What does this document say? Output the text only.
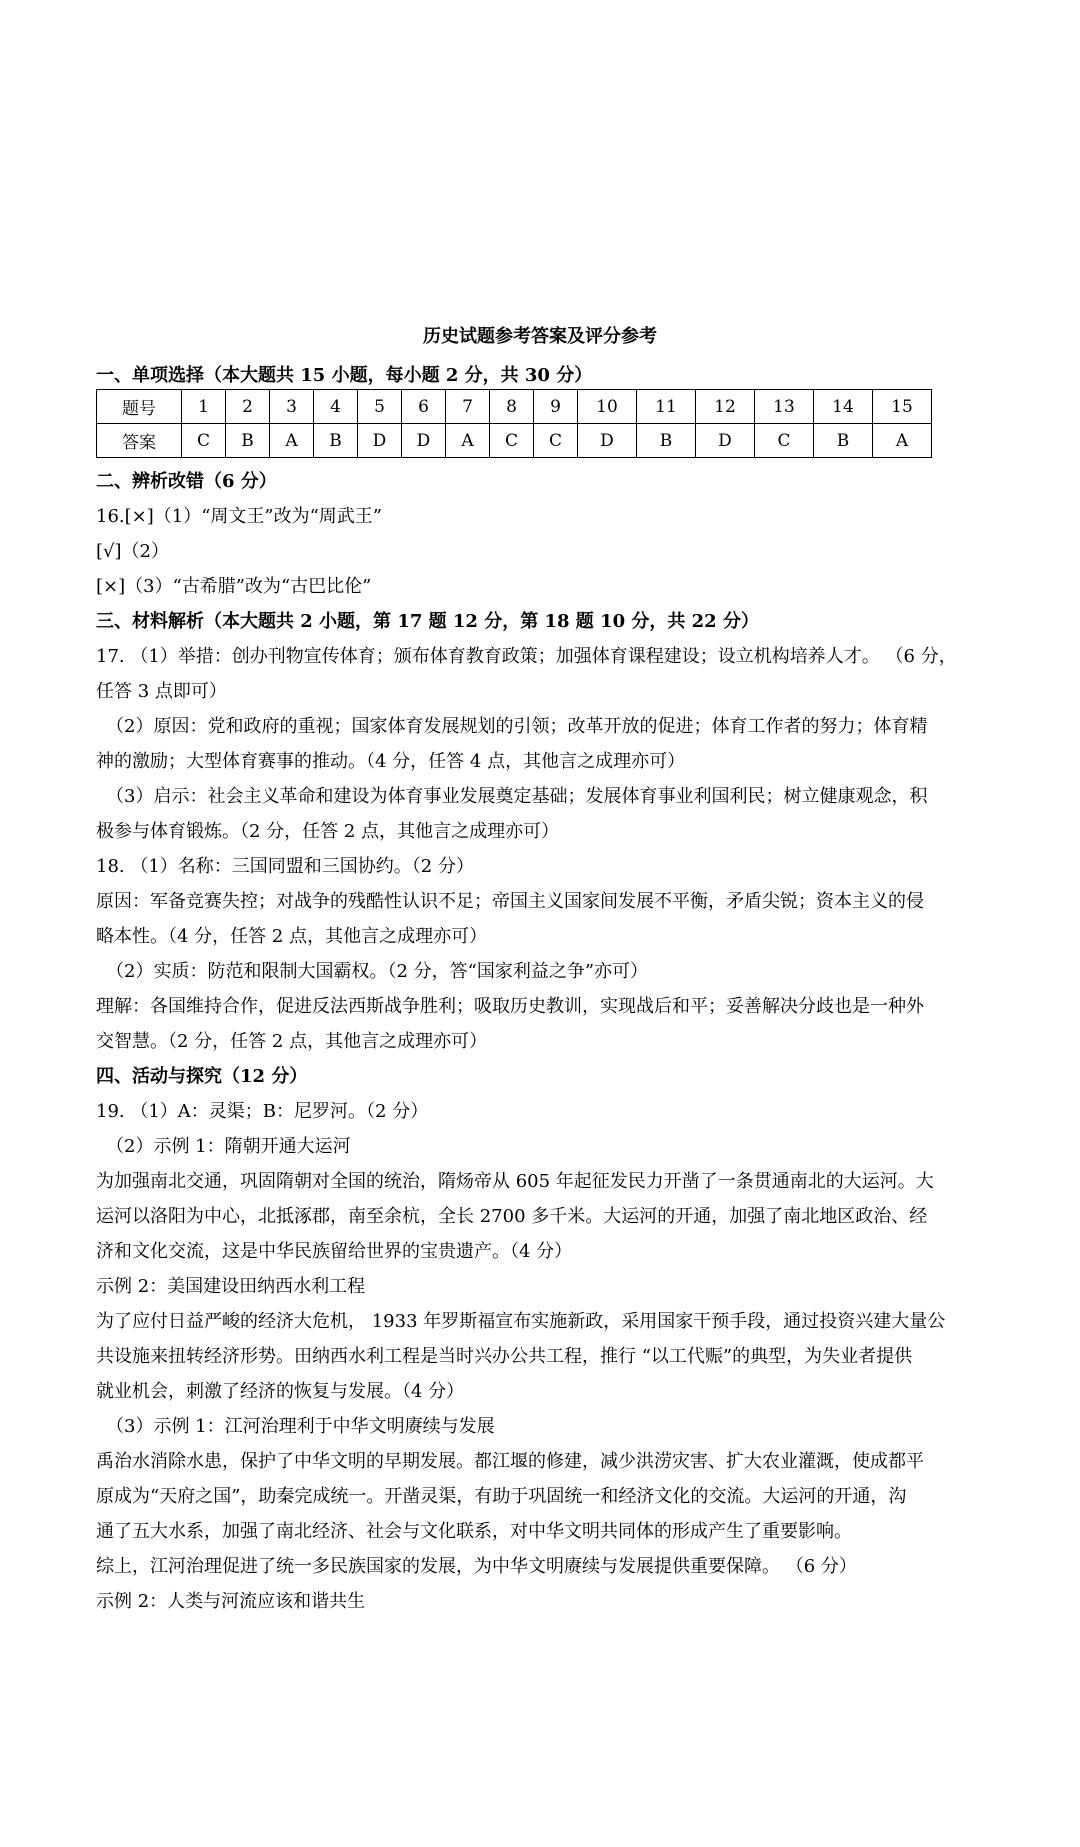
历史试题参考答案及评分参考
一、单项选择（本大题共 15 小题，每小题 2 分，共 30 分）
题号	1	2	3	4	5	6	7	8	9	10	11	12	13	14	15
答案	C	B	A	B	D	D	A	C	C	D	B	D	C	B	A
二、辨析改错（6 分）
16.[×]（1）“周文王”改为“周武王”
[√]（2）
[×]（3）“古希腊”改为“古巴比伦”
三、材料解析（本大题共 2 小题，第 17 题 12 分，第 18 题 10 分，共 22 分）
17. （1）举措：创办刊物宣传体育；颁布体育教育政策；加强体育课程建设；设立机构培养人才。 （6 分，
任答 3 点即可）
（2）原因：党和政府的重视；国家体育发展规划的引领；改革开放的促进；体育工作者的努力；体育精
神的激励；大型体育赛事的推动。（4 分，任答 4 点，其他言之成理亦可）
（3）启示：社会主义革命和建设为体育事业发展奠定基础；发展体育事业利国利民；树立健康观念，积
极参与体育锻炼。（2 分，任答 2 点，其他言之成理亦可）
18. （1）名称：三国同盟和三国协约。（2 分）
原因：军备竞赛失控；对战争的残酷性认识不足；帝国主义国家间发展不平衡，矛盾尖锐；资本主义的侵
略本性。（4 分，任答 2 点，其他言之成理亦可）
（2）实质：防范和限制大国霸权。（2 分，答“国家利益之争”亦可）
理解：各国维持合作，促进反法西斯战争胜利；吸取历史教训，实现战后和平；妥善解决分歧也是一种外
交智慧。（2 分，任答 2 点，其他言之成理亦可）
四、活动与探究（12 分）
19. （1）A：灵渠；B：尼罗河。（2 分）
（2）示例 1：隋朝开通大运河
为加强南北交通，巩固隋朝对全国的统治，隋炀帝从 605 年起征发民力开凿了一条贯通南北的大运河。大
运河以洛阳为中心，北抵涿郡，南至余杭，全长 2700 多千米。大运河的开通，加强了南北地区政治、经
济和文化交流，这是中华民族留给世界的宝贵遗产。（4 分）
示例 2：美国建设田纳西水利工程
为了应付日益严峻的经济大危机， 1933 年罗斯福宣布实施新政，采用国家干预手段，通过投资兴建大量公
共设施来扭转经济形势。田纳西水利工程是当时兴办公共工程，推行 “以工代赈”的典型，为失业者提供
就业机会，刺激了经济的恢复与发展。（4 分）
（3）示例 1：江河治理利于中华文明赓续与发展
禹治水消除水患，保护了中华文明的早期发展。都江堰的修建，减少洪涝灾害、扩大农业灌溉，使成都平
原成为“天府之国”，助秦完成统一。开凿灵渠，有助于巩固统一和经济文化的交流。大运河的开通，沟
通了五大水系，加强了南北经济、社会与文化联系，对中华文明共同体的形成产生了重要影响。
综上，江河治理促进了统一多民族国家的发展，为中华文明赓续与发展提供重要保障。 （6 分）
示例 2：人类与河流应该和谐共生
